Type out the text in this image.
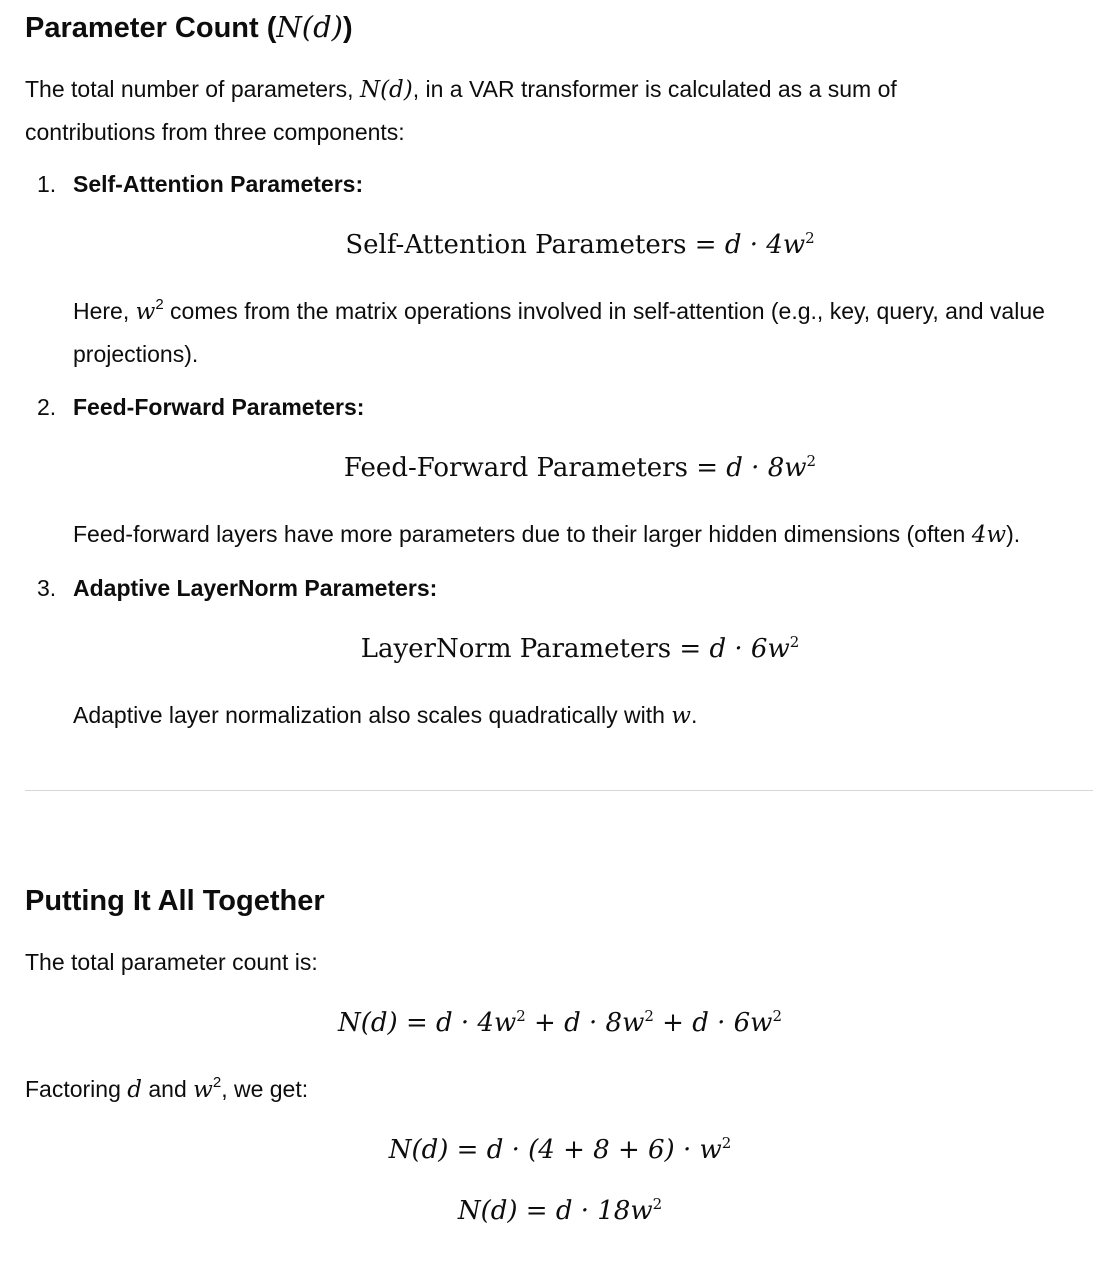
Parameter Count (N(d))

The total number of parameters, N(d), in a VAR transformer is calculated as a sum of contributions from three components:

1. Self-Attention Parameters:
Self-Attention Parameters = $d \cdot 4w^2$

Here, $w^2$ comes from the matrix operations involved in self-attention (e.g., key, query, and value projections).

2. Feed-Forward Parameters:
Feed-Forward Parameters = $d \cdot 8w^2$

Feed-forward layers have more parameters due to their larger hidden dimensions (often 4w).

3. Adaptive LayerNorm Parameters:
LayerNorm Parameters = $d \cdot 6w^2$

Adaptive layer normalization also scales quadratically with w.

Putting It All Together

The total parameter count is:

$N(d) = d \cdot 4w^2 + d \cdot 8w^2 + d \cdot 6w^2$

Factoring d and $w^2$, we get:

$N(d) = d \cdot (4 + 8 + 6) \cdot w^2$
$N(d) = d \cdot 18w^2$
